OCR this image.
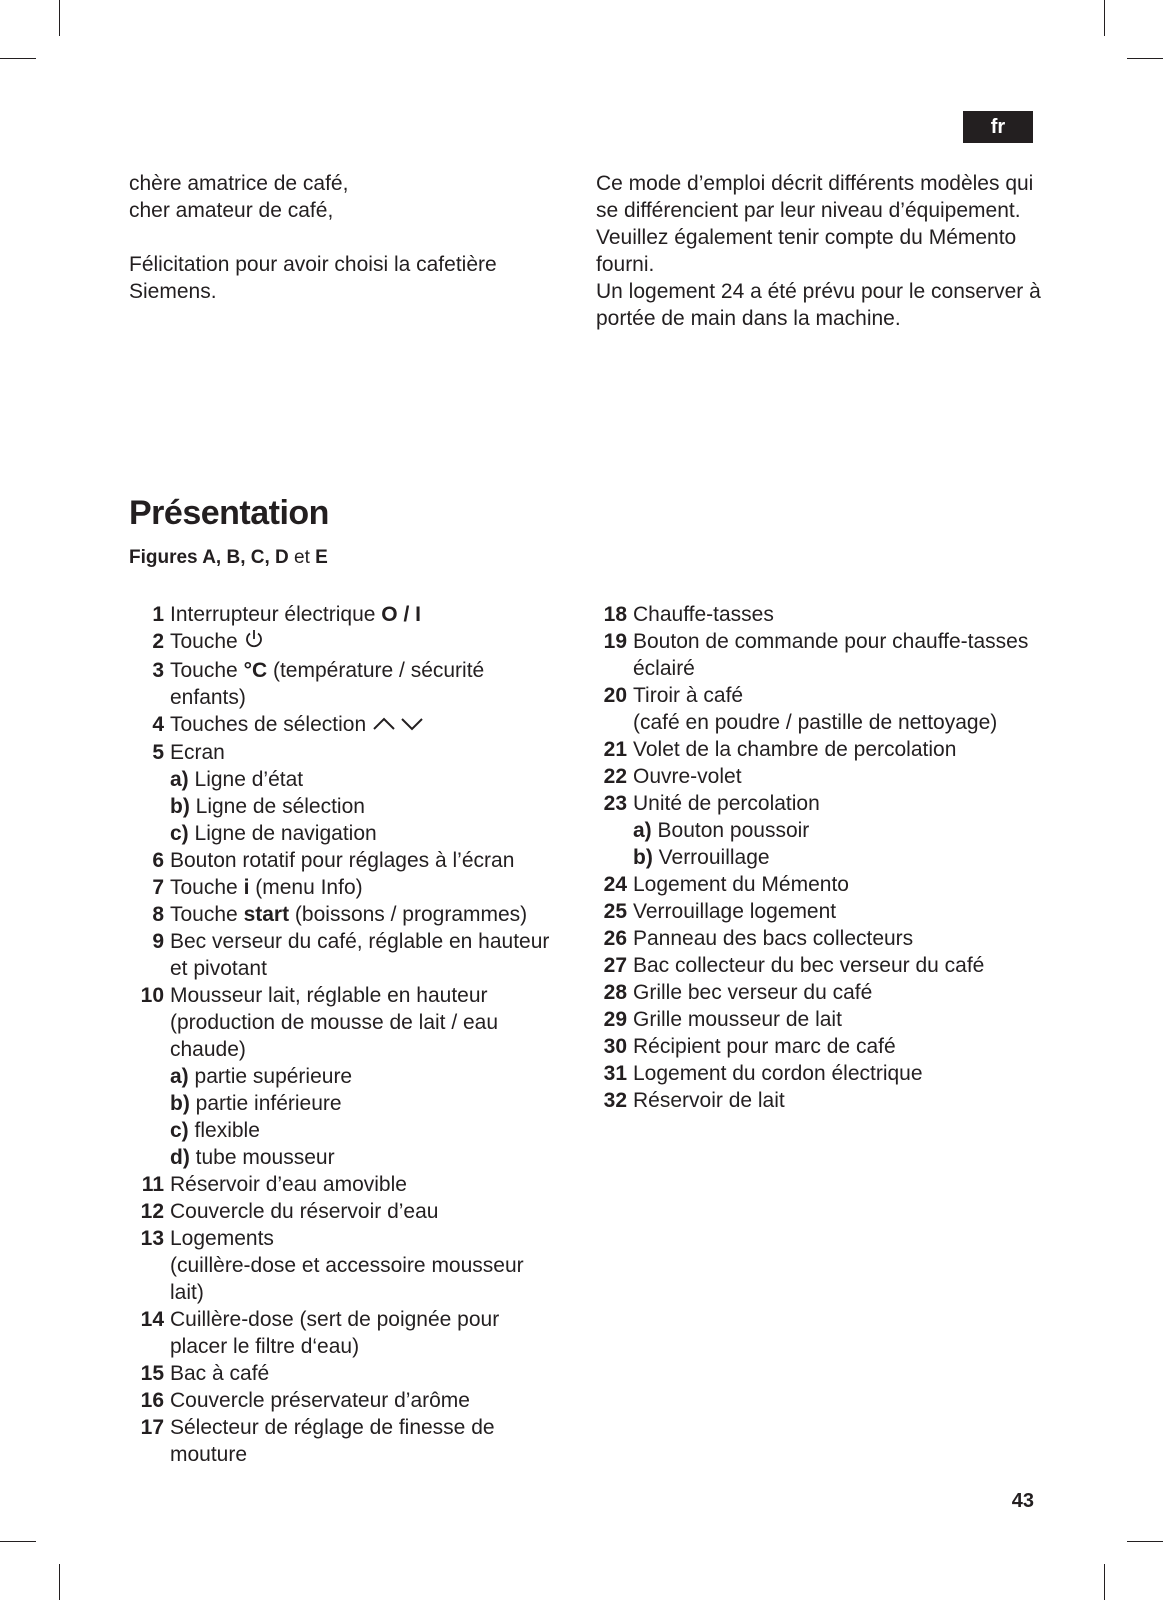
fr

chère amatrice de café,

cher amateur de café,

Félicitation pour avoir choisi la cafetière Siemens.

Ce mode d’emploi décrit différents modèles qui se différencient par leur niveau d’équipement.

Veuillez également tenir compte du Mémento fourni.

Un logement 24 a été prévu pour le conserver à portée de main dans la machine.

Présentation

Figures A, B, C, D et E

1 Interrupteur électrique O / I
2 Touche
3 Touche °C (température / sécurité enfants)
4 Touches de sélection
5 Ecran
a) Ligne d’état
b) Ligne de sélection
c) Ligne de navigation
6 Bouton rotatif pour réglages à l’écran
7 Touche i (menu Info)
8 Touche start (boissons / programmes)
9 Bec verseur du café, réglable en hauteur et pivotant
10 Mousseur lait, réglable en hauteur (production de mousse de lait / eau chaude)
a) partie supérieure
b) partie inférieure
c) flexible
d) tube mousseur
11 Réservoir d’eau amovible
12 Couvercle du réservoir d’eau
13 Logements
(cuillère-dose et accessoire mousseur lait)
14 Cuillère-dose (sert de poignée pour placer le filtre d‘eau)
15 Bac à café
16 Couvercle préservateur d’arôme
17 Sélecteur de réglage de finesse de mouture
18 Chauffe-tasses
19 Bouton de commande pour chauffe-tasses éclairé
20 Tiroir à café
(café en poudre / pastille de nettoyage)
21 Volet de la chambre de percolation
22 Ouvre-volet
23 Unité de percolation
a) Bouton poussoir
b) Verrouillage
24 Logement du Mémento
25 Verrouillage logement
26 Panneau des bacs collecteurs
27 Bac collecteur du bec verseur du café
28 Grille bec verseur du café
29 Grille mousseur de lait
30 Récipient pour marc de café
31 Logement du cordon électrique
32 Réservoir de lait
43
